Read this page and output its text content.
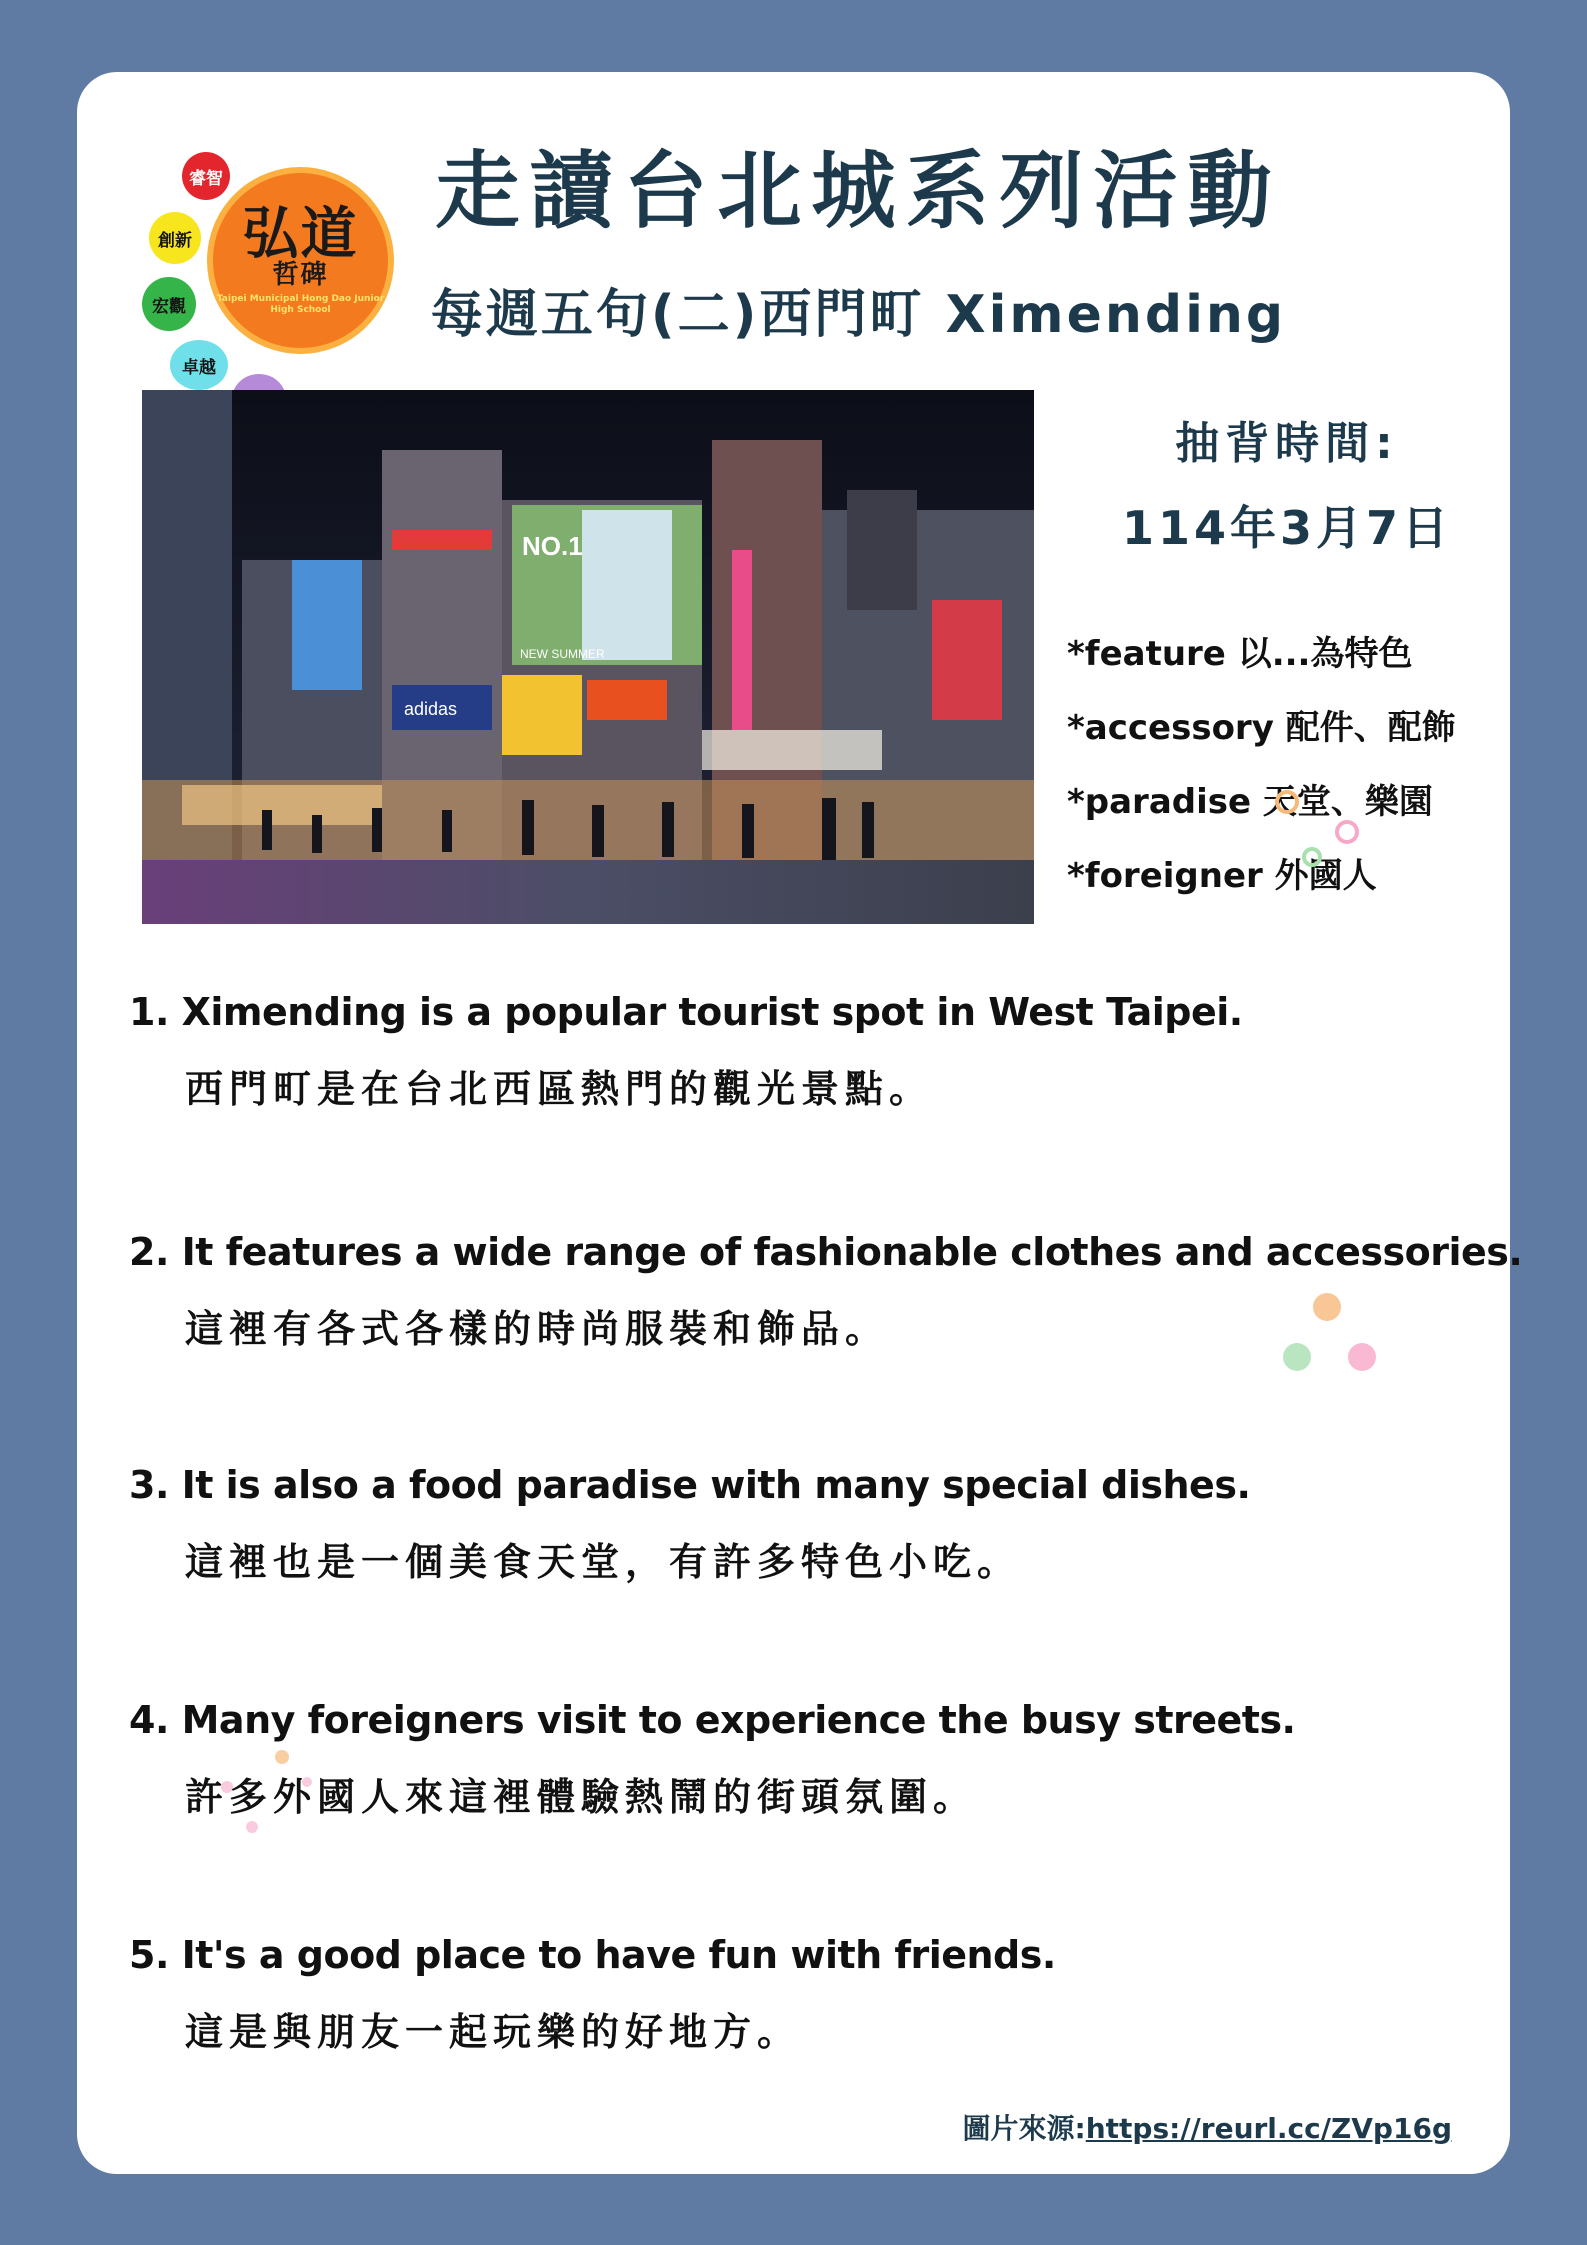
睿智
創新
宏觀
卓越
弘道
哲碑
Taipei Municipal Hong Dao Junior High School
走讀台北城系列活動
每週五句(二)西門町 Ximending
NO.1
adidas
NEW SUMMER
抽背時間:
114年3月7日
*feature 以...為特色
*accessory 配件、配飾
*paradise 天堂、樂園
*foreigner 外國人
1. Ximending is a popular tourist spot in West Taipei.
西門町是在台北西區熱門的觀光景點。
2. It features a wide range of fashionable clothes and accessories.
這裡有各式各樣的時尚服裝和飾品。
3. It is also a food paradise with many special dishes.
這裡也是一個美食天堂，有許多特色小吃。
4. Many foreigners visit to experience the busy streets.
許多外國人來這裡體驗熱鬧的街頭氛圍。
5. It's a good place to have fun with friends.
這是與朋友一起玩樂的好地方。
圖片來源:https://reurl.cc/ZVp16g
